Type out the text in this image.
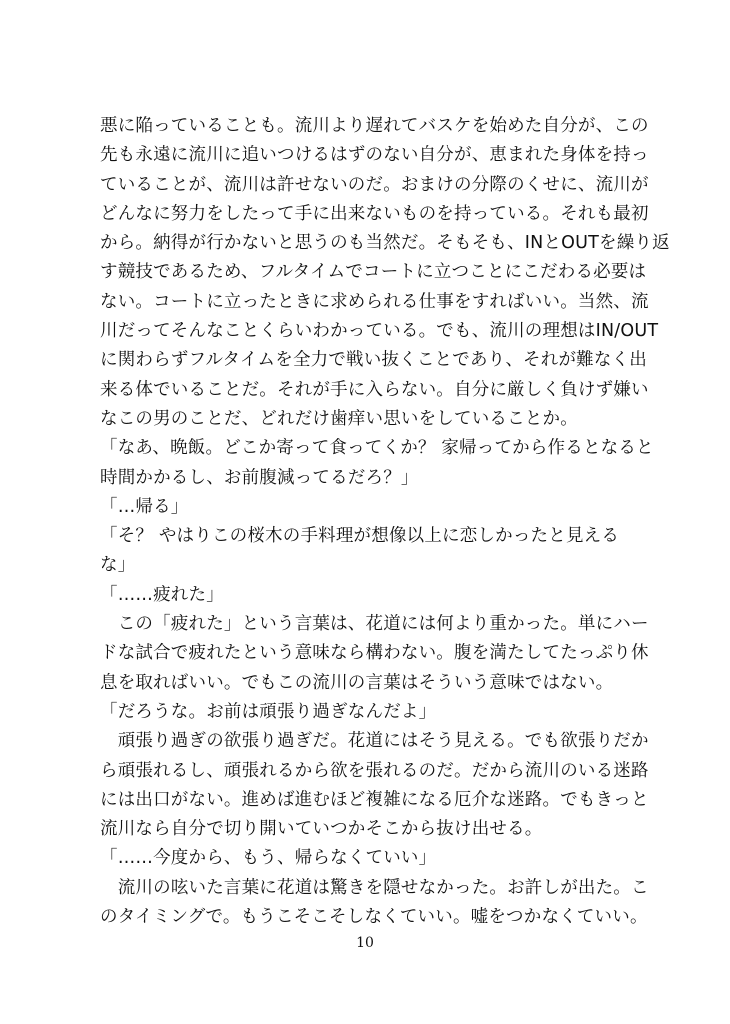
悪に陥っていることも。流川より遅れてバスケを始めた自分が、この
先も永遠に流川に追いつけるはずのない自分が、恵まれた身体を持っ
ていることが、流川は許せないのだ。おまけの分際のくせに、流川が
どんなに努力をしたって手に出来ないものを持っている。それも最初
から。納得が行かないと思うのも当然だ。そもそも、INとOUTを繰り返
す競技であるため、フルタイムでコートに立つことにこだわる必要は
ない。コートに立ったときに求められる仕事をすればいい。当然、流
川だってそんなことくらいわかっている。でも、流川の理想はIN/OUT
に関わらずフルタイムを全力で戦い抜くことであり、それが難なく出
来る体でいることだ。それが手に入らない。自分に厳しく負けず嫌い
なこの男のことだ、どれだけ歯痒い思いをしていることか。
「なあ、晩飯。どこか寄って食ってくか？ 家帰ってから作るとなると
時間かかるし、お前腹減ってるだろ？」
「…帰る」
「そ？ やはりこの桜木の手料理が想像以上に恋しかったと見える
な」
「……疲れた」
　この「疲れた」という言葉は、花道には何より重かった。単にハー
ドな試合で疲れたという意味なら構わない。腹を満たしてたっぷり休
息を取ればいい。でもこの流川の言葉はそういう意味ではない。
「だろうな。お前は頑張り過ぎなんだよ」
　頑張り過ぎの欲張り過ぎだ。花道にはそう見える。でも欲張りだか
ら頑張れるし、頑張れるから欲を張れるのだ。だから流川のいる迷路
には出口がない。進めば進むほど複雑になる厄介な迷路。でもきっと
流川なら自分で切り開いていつかそこから抜け出せる。
「……今度から、もう、帰らなくていい」
　流川の呟いた言葉に花道は驚きを隠せなかった。お許しが出た。こ
のタイミングで。もうこそこそしなくていい。嘘をつかなくていい。
10
